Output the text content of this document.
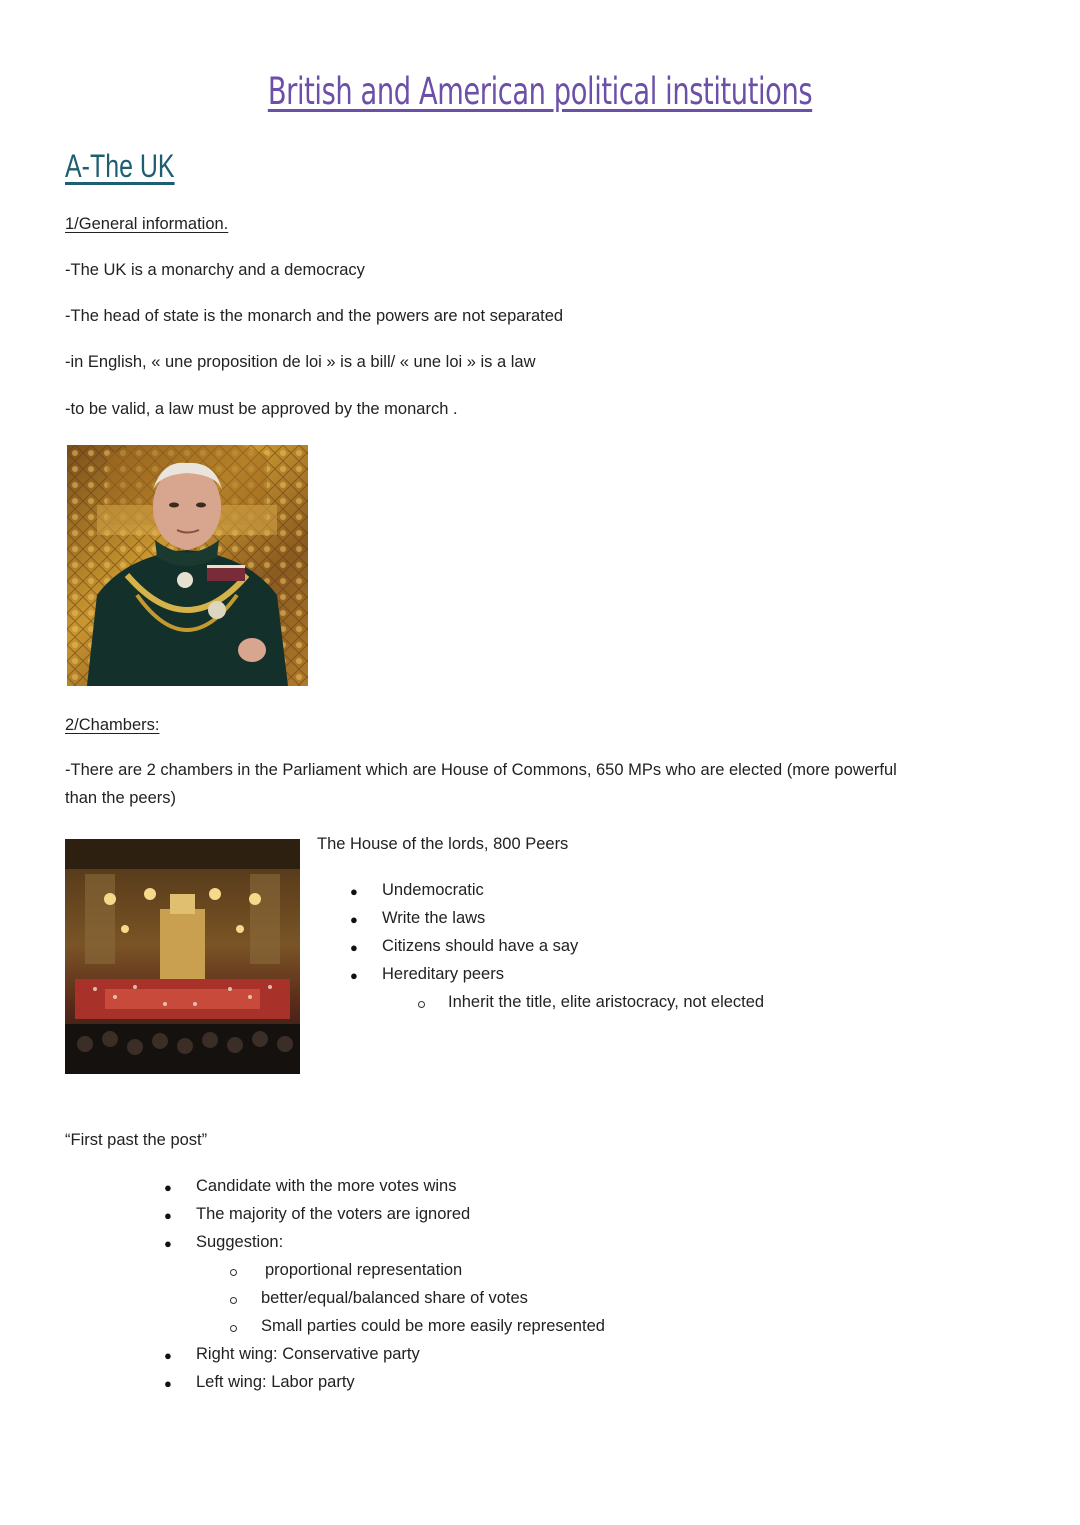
British and American political institutions
A-The UK
1/General information.
-The UK is a monarchy and a democracy
-The head of state is the monarch and the powers are not separated
-in English, « une proposition de loi » is a bill/ « une loi » is a law
-to be valid, a law must be approved by the monarch .
2/Chambers:
-There are 2 chambers in the Parliament which are House of Commons, 650 MPs who are elected (more powerful
than the peers)
The House of the lords, 800 Peers
● Undemocratic
● Write the laws
● Citizens should have a say
● Hereditary peers
Inherit the title, elite aristocracy, not elected
“First past the post”
● Candidate with the more votes wins
● The majority of the voters are ignored
● Suggestion:
proportional representation
better/equal/balanced share of votes
Small parties could be more easily represented
● Right wing: Conservative party
● Left wing: Labor party
